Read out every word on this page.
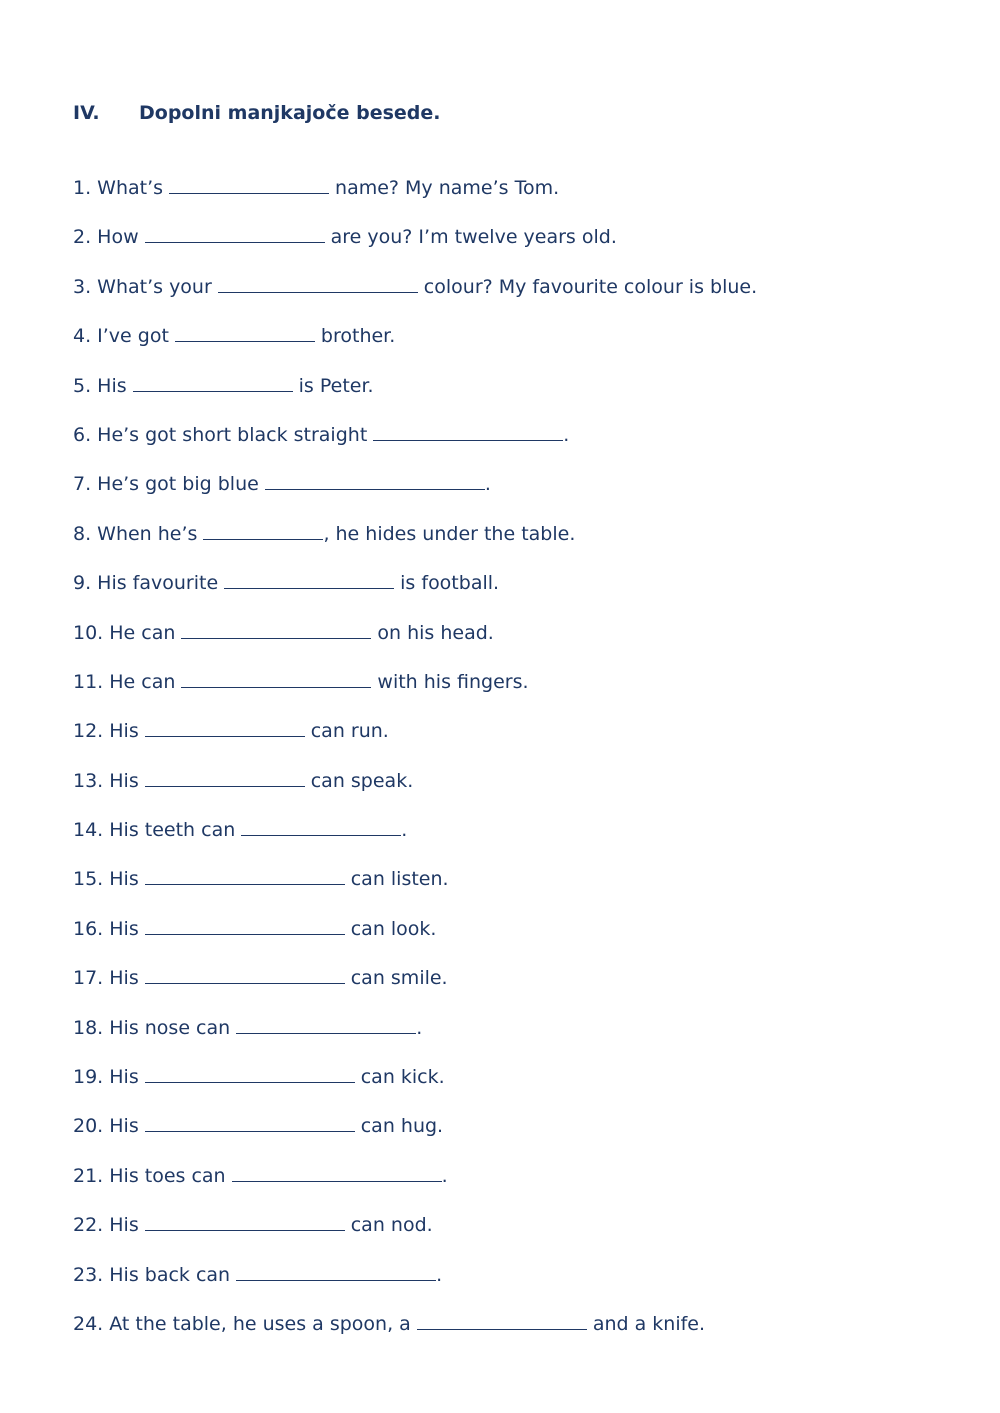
IV. Dopolni manjkajoče besede.
1. What’s	name? My name’s Tom.
2. How	are you? I’m twelve years old.
3. What’s your	colour? My favourite colour is blue.
4. I’ve got	brother.
5. His	is Peter.
6. He’s got short black straight	.
7. He’s got big blue	.
8. When he’s	, he hides under the table.
9. His favourite	is football.
10. He can	on his head.
11. He can	with his fingers.
12. His	can run.
13. His	can speak.
14. His teeth can	.
15. His	can listen.
16. His	can look.
17. His	can smile.
18. His nose can	.
19. His	can kick.
20. His	can hug.
21. His toes can	.
22. His	can nod.
23. His back can	.
24. At the table, he uses a spoon, a	and a knife.
